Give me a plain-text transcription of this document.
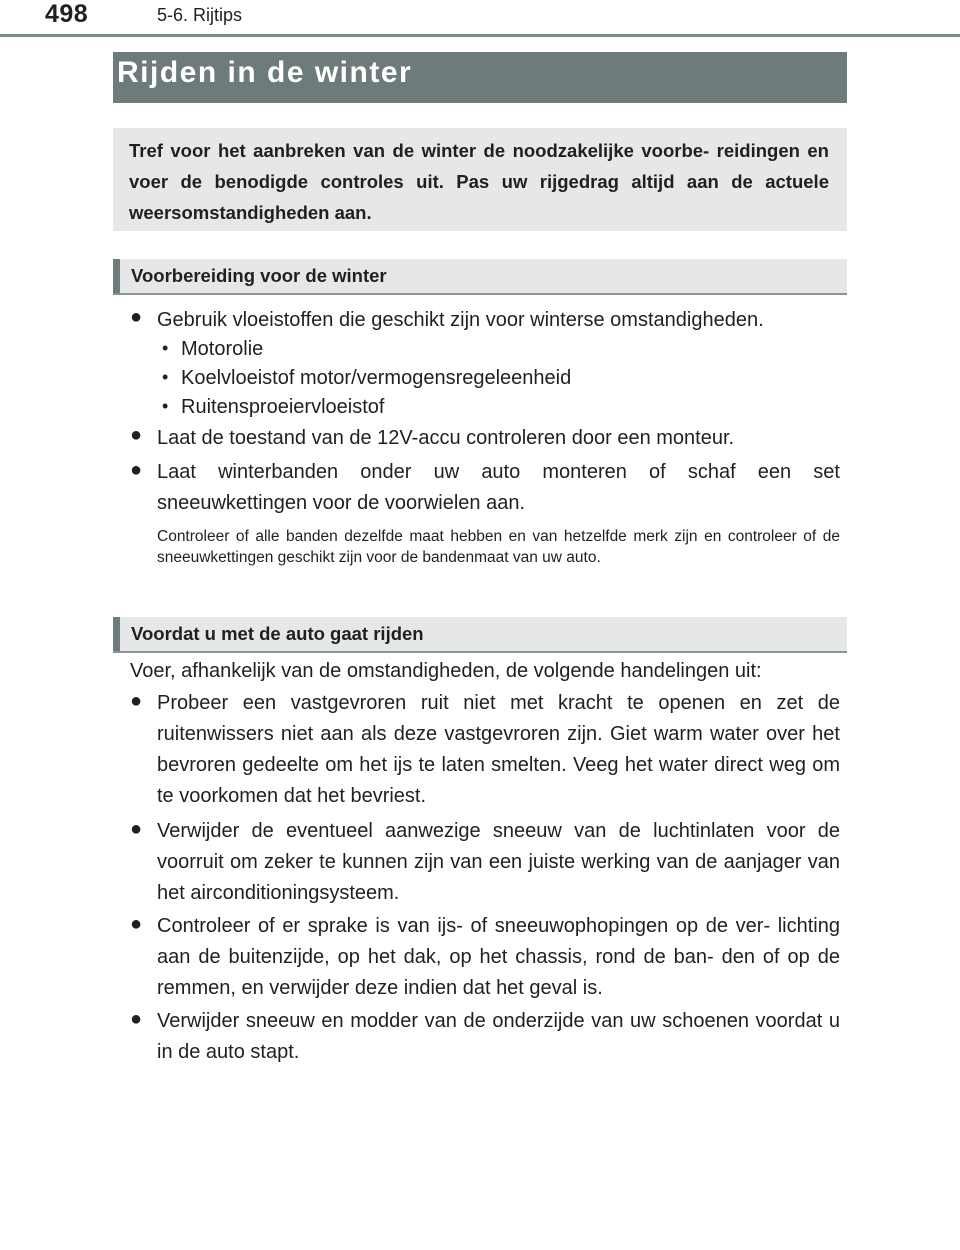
498	5-6. Rijtips
Rijden in de winter
Tref voor het aanbreken van de winter de noodzakelijke voorbe- reidingen en voer de benodigde controles uit. Pas uw rijgedrag altijd aan de actuele weersomstandigheden aan.
Voorbereiding voor de winter
● Gebruik vloeistoffen die geschikt zijn voor winterse omstandigheden.
• Motorolie
• Koelvloeistof motor/vermogensregeleenheid
• Ruitensproeiervloeistof
● Laat de toestand van de 12V-accu controleren door een monteur.
● Laat winterbanden onder uw auto monteren of schaf een set sneeuwkettingen voor de voorwielen aan.
Controleer of alle banden dezelfde maat hebben en van hetzelfde merk zijn en controleer of de sneeuwkettingen geschikt zijn voor de bandenmaat van uw auto.
Voordat u met de auto gaat rijden
Voer, afhankelijk van de omstandigheden, de volgende handelingen uit:
● Probeer een vastgevroren ruit niet met kracht te openen en zet de ruitenwissers niet aan als deze vastgevroren zijn. Giet warm water over het bevroren gedeelte om het ijs te laten smelten. Veeg het water direct weg om te voorkomen dat het bevriest.
● Verwijder de eventueel aanwezige sneeuw van de luchtinlaten voor de voorruit om zeker te kunnen zijn van een juiste werking van de aanjager van het airconditioningsysteem.
● Controleer of er sprake is van ijs- of sneeuwophopingen op de ver- lichting aan de buitenzijde, op het dak, op het chassis, rond de ban- den of op de remmen, en verwijder deze indien dat het geval is.
● Verwijder sneeuw en modder van de onderzijde van uw schoenen voordat u in de auto stapt.
